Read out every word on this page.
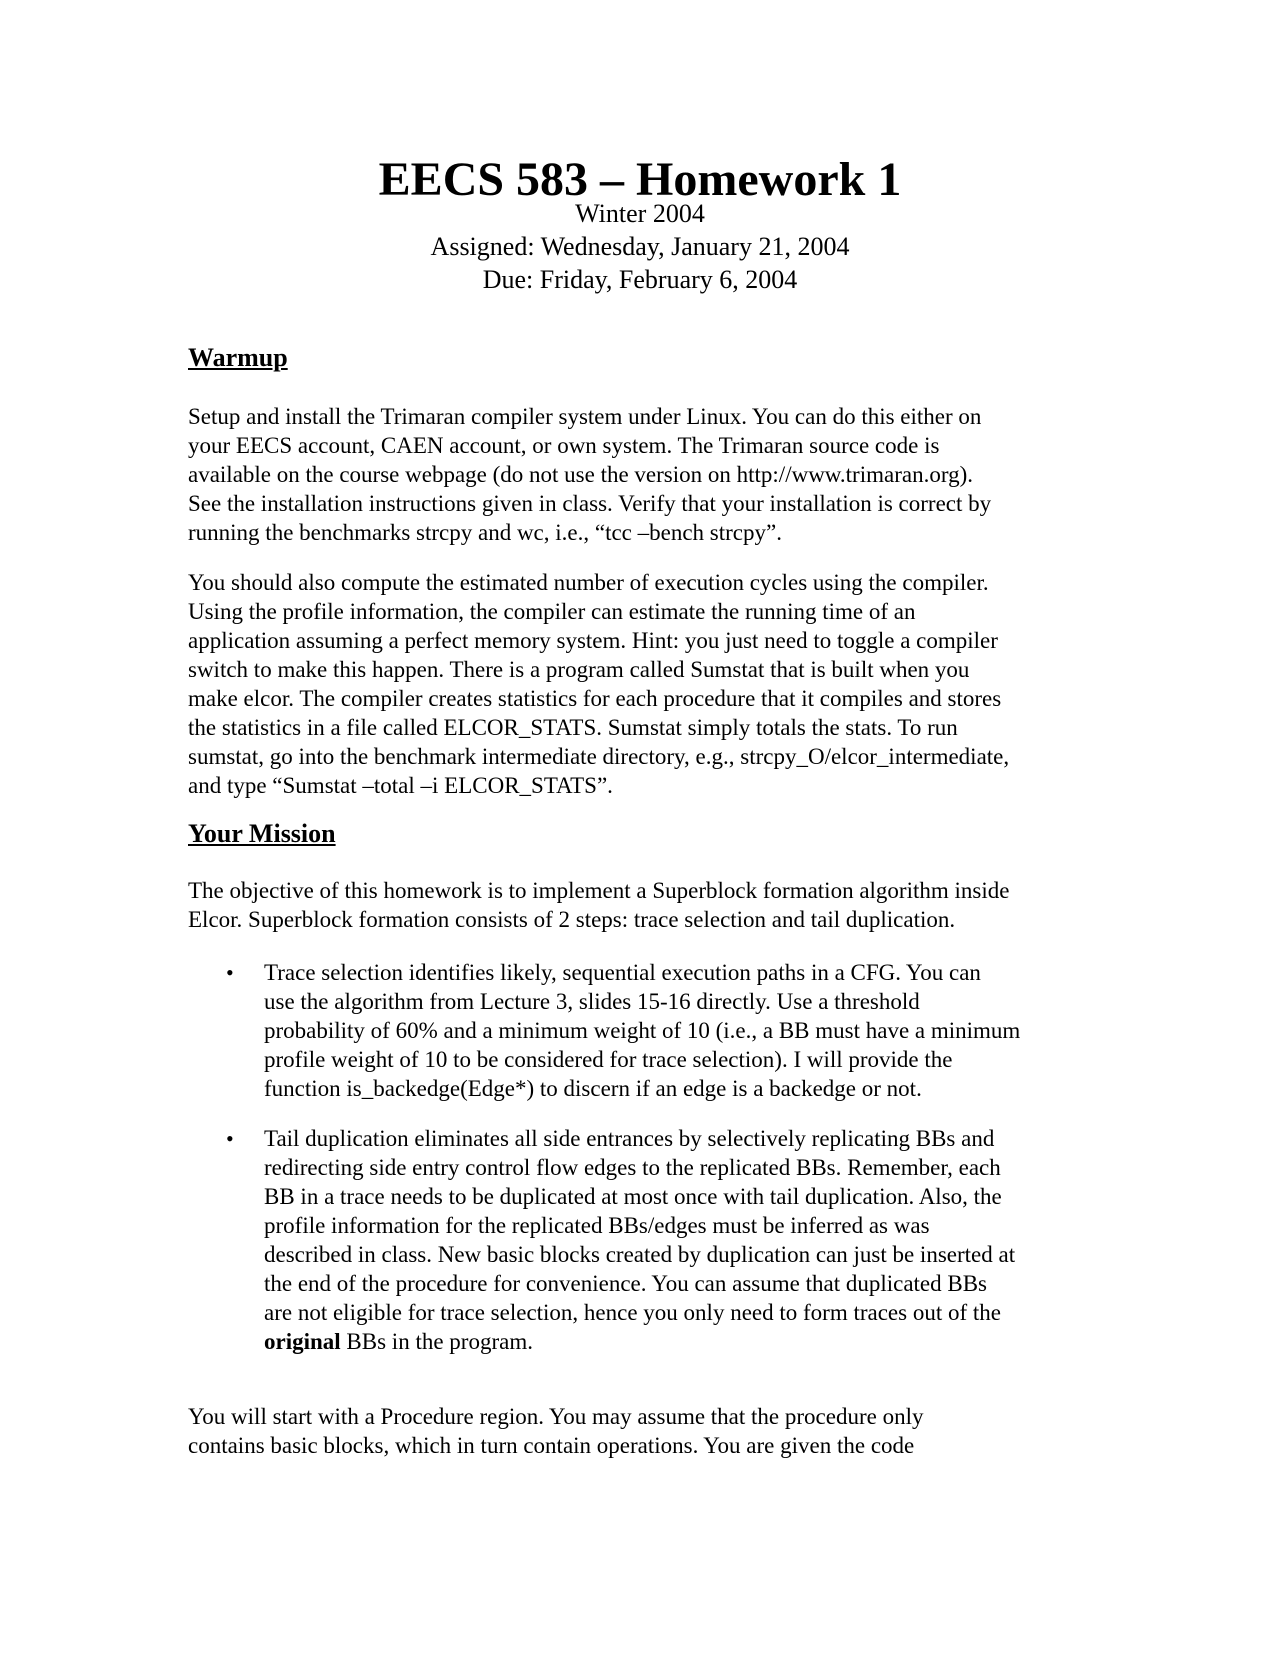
EECS 583 – Homework 1

Winter 2004

Assigned: Wednesday, January 21, 2004

Due: Friday, February 6, 2004

Warmup
Setup and install the Trimaran compiler system under Linux. You can do this either on
your EECS account, CAEN account, or own system. The Trimaran source code is
available on the course webpage (do not use the version on http://www.trimaran.org).
See the installation instructions given in class. Verify that your installation is correct by
running the benchmarks strcpy and wc, i.e., “tcc –bench strcpy”.
You should also compute the estimated number of execution cycles using the compiler.
Using the profile information, the compiler can estimate the running time of an
application assuming a perfect memory system. Hint: you just need to toggle a compiler
switch to make this happen. There is a program called Sumstat that is built when you
make elcor. The compiler creates statistics for each procedure that it compiles and stores
the statistics in a file called ELCOR_STATS. Sumstat simply totals the stats. To run
sumstat, go into the benchmark intermediate directory, e.g., strcpy_O/elcor_intermediate,
and type “Sumstat –total –i ELCOR_STATS”.
Your Mission
The objective of this homework is to implement a Superblock formation algorithm inside
Elcor. Superblock formation consists of 2 steps: trace selection and tail duplication.
• Trace selection identifies likely, sequential execution paths in a CFG. You can
use the algorithm from Lecture 3, slides 15-16 directly. Use a threshold
probability of 60% and a minimum weight of 10 (i.e., a BB must have a minimum
profile weight of 10 to be considered for trace selection). I will provide the
function is_backedge(Edge*) to discern if an edge is a backedge or not.
• Tail duplication eliminates all side entrances by selectively replicating BBs and
redirecting side entry control flow edges to the replicated BBs. Remember, each
BB in a trace needs to be duplicated at most once with tail duplication. Also, the
profile information for the replicated BBs/edges must be inferred as was
described in class. New basic blocks created by duplication can just be inserted at
the end of the procedure for convenience. You can assume that duplicated BBs
are not eligible for trace selection, hence you only need to form traces out of the
original BBs in the program.
You will start with a Procedure region. You may assume that the procedure only
contains basic blocks, which in turn contain operations. You are given the code
